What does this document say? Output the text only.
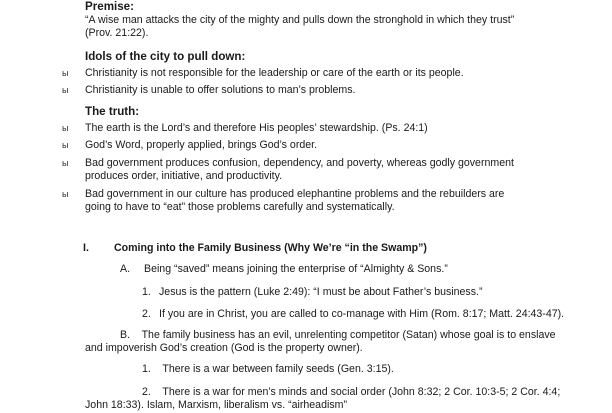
Premise:
“A wise man attacks the city of the mighty and pulls down the stronghold in which they trust”
(Prov. 21:22).
Idols of the city to pull down:
ы Christianity is not responsible for the leadership or care of the earth or its people.
ы Christianity is unable to offer solutions to man’s problems.
The truth:
ы The earth is the Lord’s and therefore His peoples’ stewardship. (Ps. 24:1)
ы God’s Word, properly applied, brings God’s order.
ы Bad government produces confusion, dependency, and poverty, whereas godly government
produces order, initiative, and productivity.
ы Bad government in our culture has produced elephantine problems and the rebuilders are
going to have to “eat” those problems carefully and systematically.
I.	Coming into the Family Business (Why We’re “in the Swamp”)
A. Being “saved” means joining the enterprise of “Almighty & Sons.”
1. Jesus is the pattern (Luke 2:49): “I must be about Father’s business.”
2. If you are in Christ, you are called to co-manage with Him (Rom. 8:17; Matt. 24:43-47).
B.    The family business has an evil, unrelenting competitor (Satan) whose goal is to enslave
and impoverish God’s creation (God is the property owner).
1.    There is a war between family seeds (Gen. 3:15).
2.    There is a war for men’s minds and social order (John 8:32; 2 Cor. 10:3-5; 2 Cor. 4:4;
John 18:33). Islam, Marxism, liberalism vs. “airheadism”
